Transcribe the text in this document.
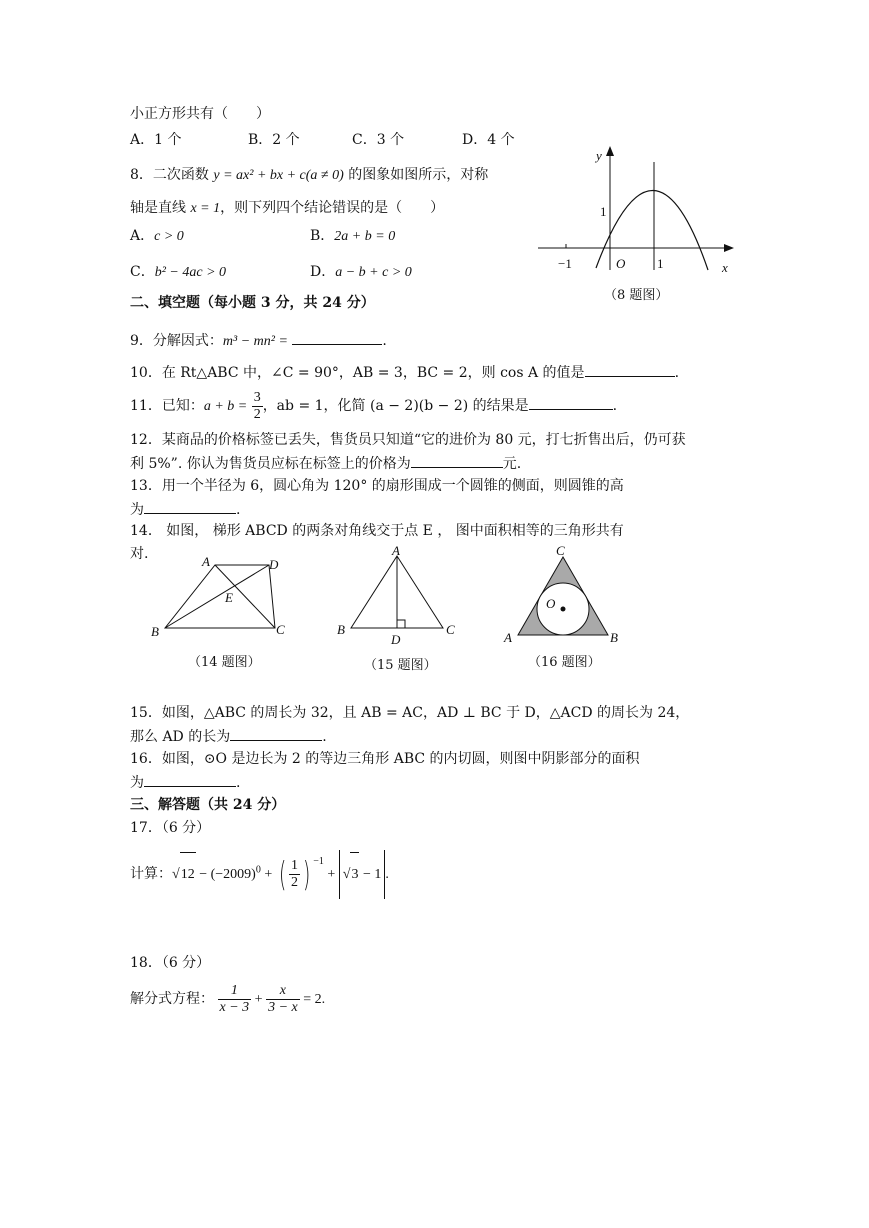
小正方形共有（　　）
A．1 个	B．2 个	C．3 个	D．4 个
8．二次函数 y = ax² + bx + c(a ≠ 0) 的图象如图所示，对称
轴是直线 x = 1，则下列四个结论错误的是（　　）
A．c > 0	B．2a + b = 0
C．b² − 4ac > 0	D．a − b + c > 0
y
x
O
1
−1	1
（8 题图）
二、填空题（每小题 3 分，共 24 分）
9．分解因式：m³ − mn² =	.
10．在 Rt△ABC 中，∠C = 90°，AB = 3，BC = 2，则 cos A 的值是	.
11．已知：$a + b = \frac{3}{2}$ ，ab = 1，化简 (a − 2)(b − 2) 的结果是	.
12．某商品的价格标签已丢失，售货员只知道“它的进价为 80 元，打七折售出后，仍可获
利 5%”. 你认为售货员应标在标签上的价格为	元.
13．用一个半径为 6，圆心角为 120° 的扇形围成一个圆锥的侧面，则圆锥的高
为	.
14． 如图， 梯形 ABCD 的两条对角线交于点 E ， 图中面积相等的三角形共有
对.	A	D
E
B	C
（14 题图）
A
B	C
D
（15 题图）
C
A	B
O
（16 题图）
15．如图，△ABC 的周长为 32，且 AB = AC，AD ⊥ BC 于 D，△ACD 的周长为 24，
那么 AD 的长为	.
16．如图，⊙O 是边长为 2 的等边三角形 ABC 的内切圆，则图中阴影部分的面积
为	.
三、解答题（共 24 分）
17．（6 分）
计算：$√12 - (-2009)^0$ + ( $\frac{1}{2}$ ) $^{-1}$ + √3 − 1 .
18．（6 分）
解分式方程： $\frac{1}{x - 3} + \frac{x}{3 - x} = 2$.
